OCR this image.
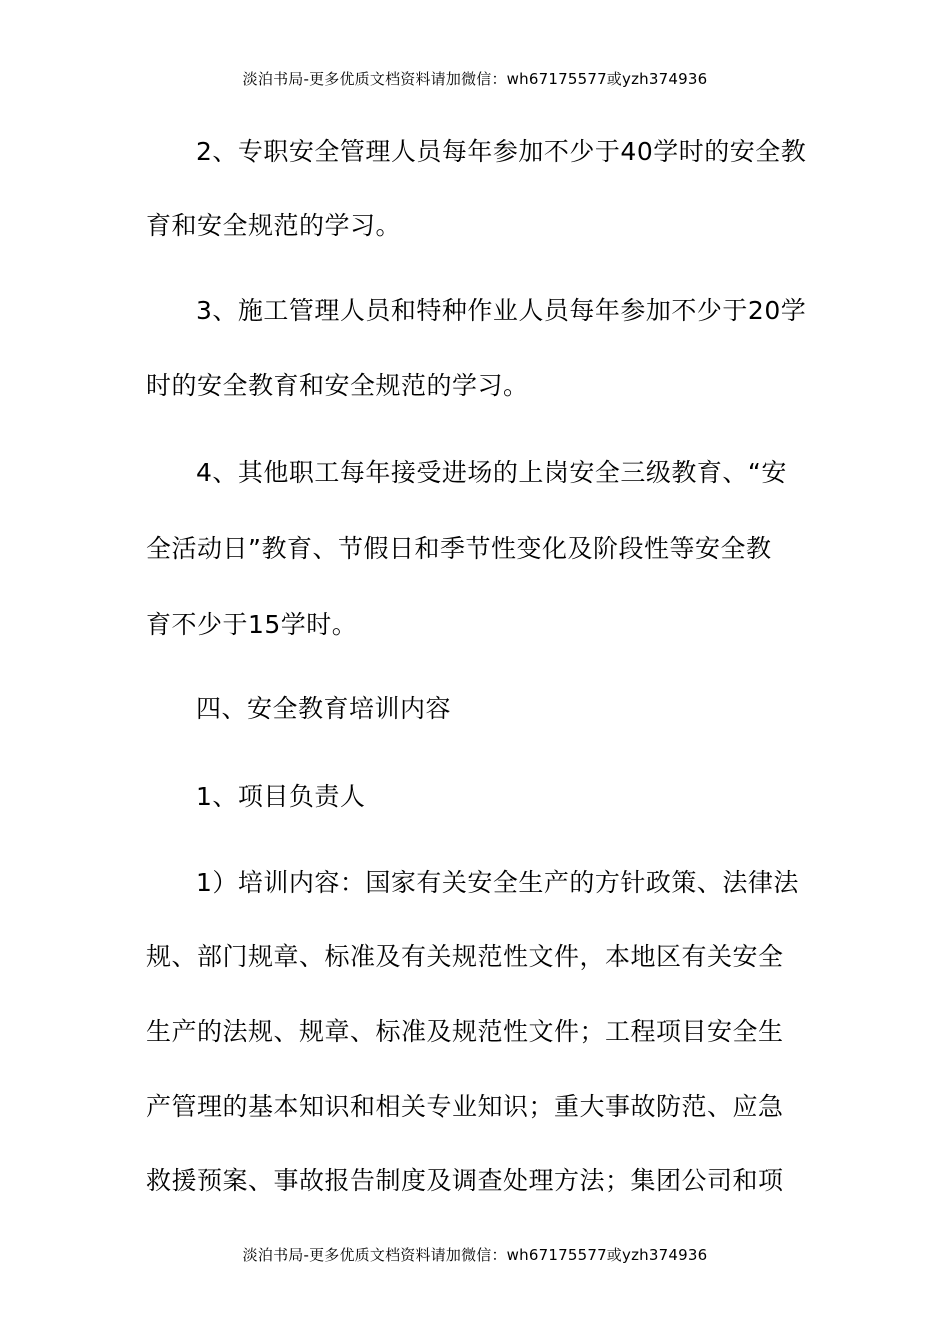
淡泊书局-更多优质文档资料请加微信：wh67175577或yzh374936
2、专职安全管理人员每年参加不少于40学时的安全教
育和安全规范的学习。
3、施工管理人员和特种作业人员每年参加不少于20学
时的安全教育和安全规范的学习。
4、其他职工每年接受进场的上岗安全三级教育、“安
全活动日”教育、节假日和季节性变化及阶段性等安全教
育不少于15学时。
四、安全教育培训内容
1、项目负责人
1）培训内容：国家有关安全生产的方针政策、法律法
规、部门规章、标准及有关规范性文件，本地区有关安全
生产的法规、规章、标准及规范性文件；工程项目安全生
产管理的基本知识和相关专业知识；重大事故防范、应急
救援预案、事故报告制度及调查处理方法；集团公司和项
淡泊书局-更多优质文档资料请加微信：wh67175577或yzh374936
